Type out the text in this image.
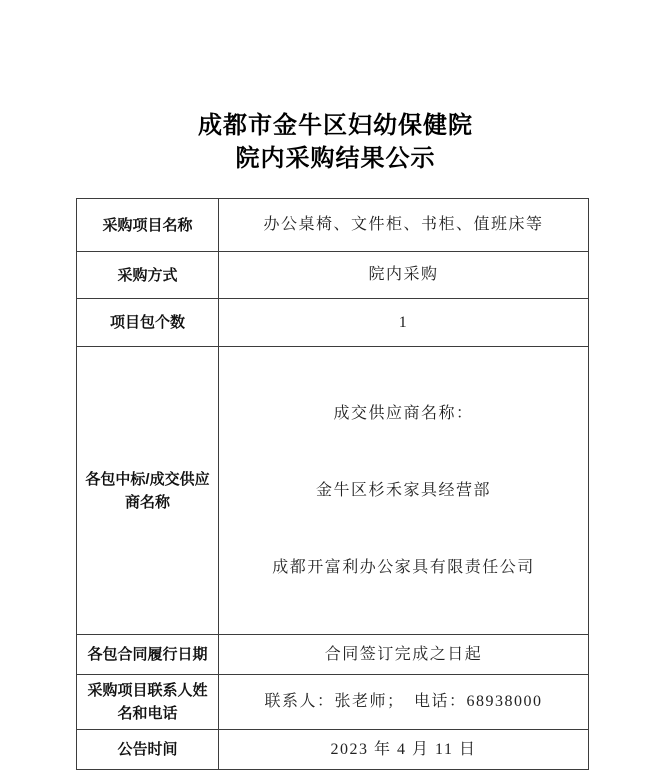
成都市金牛区妇幼保健院
院内采购结果公示
采购项目名称	办公桌椅、文件柜、书柜、值班床等
采购方式	院内采购
项目包个数	1
各包中标/成交供应商名称	成交供应商名称：

金牛区杉禾家具经营部

成都开富利办公家具有限责任公司

各包合同履行日期	合同签订完成之日起
采购项目联系人姓名和电话	联系人：张老师；　电话：68938000
公告时间	2023 年 4 月 11 日
